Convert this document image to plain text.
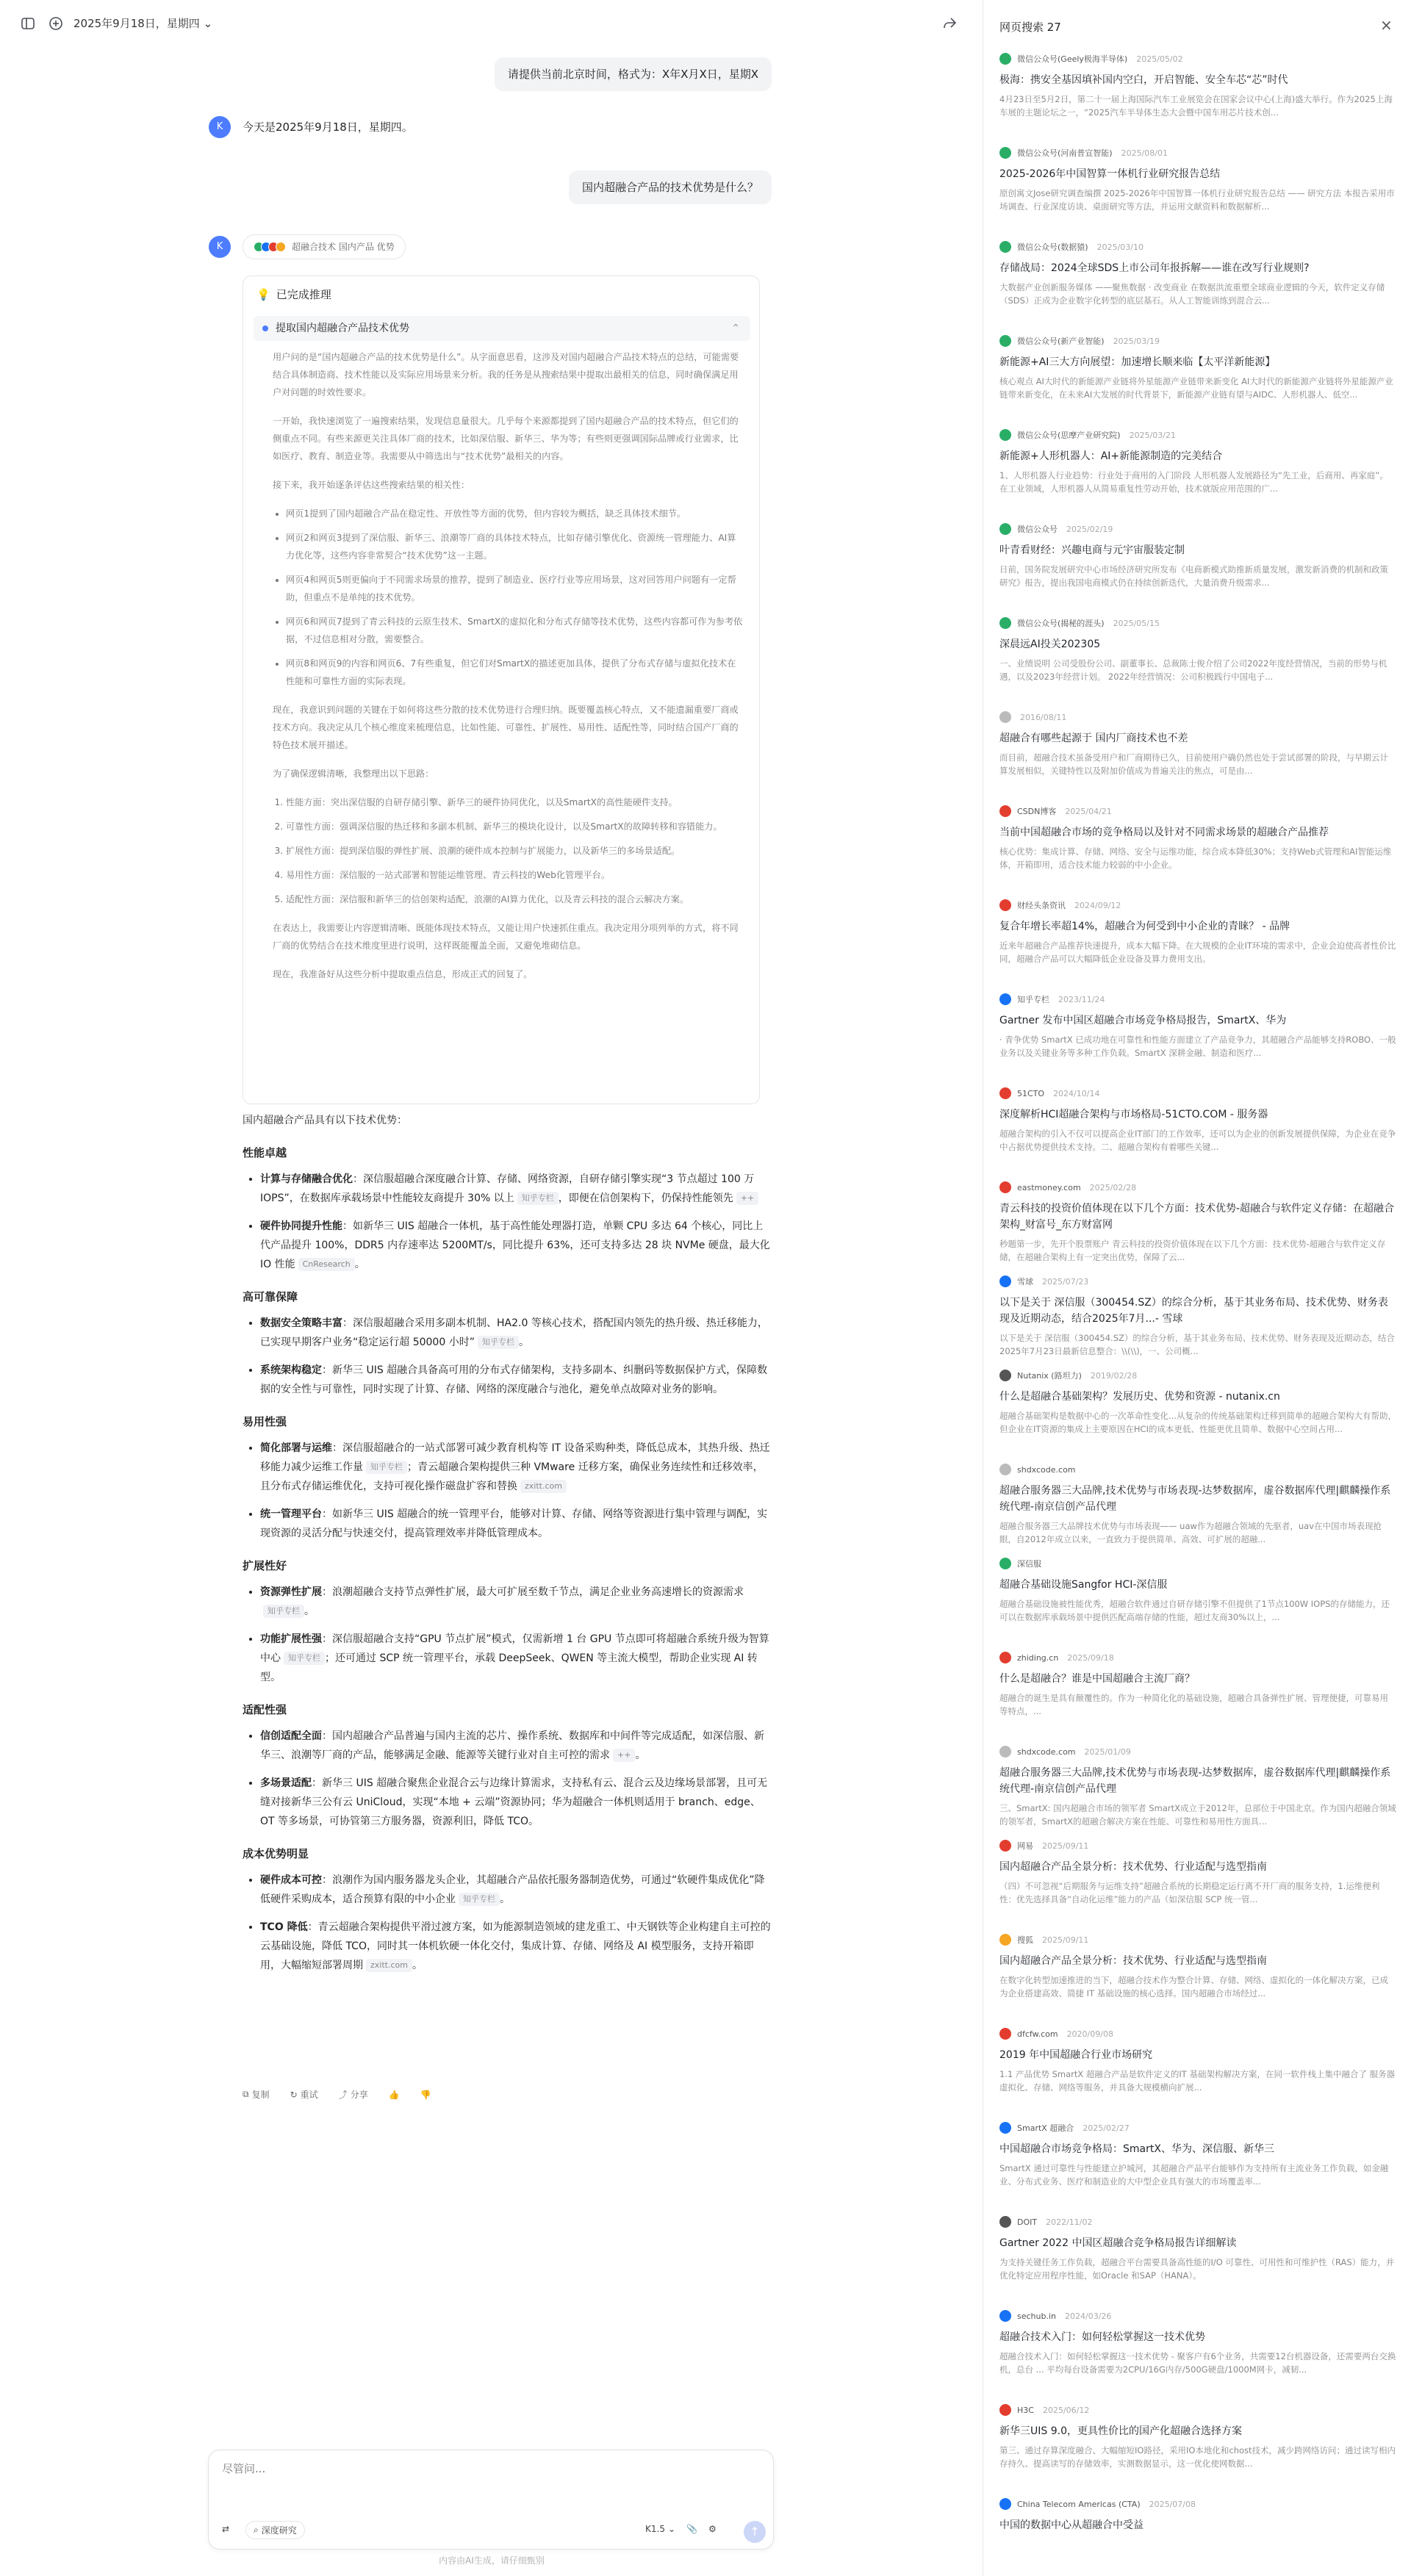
2025年9月18日，星期四 ⌄
请提供当前北京时间，格式为：X年X月X日，星期X
K	今天是2025年9月18日，星期四。
国内超融合产品的技术优势是什么？
K	超融合技术 国内产品 优势
💡 已完成推理
提取国内超融合产品技术优势	⌃

用户问的是“国内超融合产品的技术优势是什么”。从字面意思看，这涉及对国内超融合产品技术特点的总结，可能需要结合具体制造商、技术性能以及实际应用场景来分析。我的任务是从搜索结果中提取出最相关的信息，同时确保满足用户对问题的时效性要求。

一开始，我快速浏览了一遍搜索结果，发现信息量很大。几乎每个来源都提到了国内超融合产品的技术特点，但它们的侧重点不同。有些来源更关注具体厂商的技术，比如深信服、新华三、华为等；有些则更强调国际品牌或行业需求，比如医疗、教育、制造业等。我需要从中筛选出与“技术优势”最相关的内容。

接下来，我开始逐条评估这些搜索结果的相关性：

• 网页1提到了国内超融合产品在稳定性、开放性等方面的优势，但内容较为概括，缺乏具体技术细节。
• 网页2和网页3提到了深信服、新华三、浪潮等厂商的具体技术特点，比如存储引擎优化、资源统一管理能力、AI算力优化等，这些内容非常契合“技术优势”这一主题。
• 网页4和网页5则更偏向于不同需求场景的推荐，提到了制造业、医疗行业等应用场景，这对回答用户问题有一定帮助，但重点不是单纯的技术优势。
• 网页6和网页7提到了青云科技的云原生技术、SmartX的虚拟化和分布式存储等技术优势，这些内容都可作为参考依据，不过信息相对分散，需要整合。
• 网页8和网页9的内容和网页6、7有些重复，但它们对SmartX的描述更加具体，提供了分布式存储与虚拟化技术在性能和可靠性方面的实际表现。

现在，我意识到问题的关键在于如何将这些分散的技术优势进行合理归纳。既要覆盖核心特点，又不能遗漏重要厂商或技术方向。我决定从几个核心维度来梳理信息，比如性能、可靠性、扩展性、易用性、适配性等，同时结合国产厂商的特色技术展开描述。

为了确保逻辑清晰，我整理出以下思路：

1. 性能方面：突出深信服的自研存储引擎、新华三的硬件协同优化，以及SmartX的高性能硬件支持。
2. 可靠性方面：强调深信服的热迁移和多副本机制、新华三的模块化设计，以及SmartX的故障转移和容错能力。
3. 扩展性方面：提到深信服的弹性扩展、浪潮的硬件成本控制与扩展能力，以及新华三的多场景适配。
4. 易用性方面：深信服的一站式部署和智能运维管理、青云科技的Web化管理平台。
5. 适配性方面：深信服和新华三的信创架构适配，浪潮的AI算力优化，以及青云科技的混合云解决方案。

在表达上，我需要让内容逻辑清晰、既能体现技术特点，又能让用户快速抓住重点。我决定用分项列举的方式，将不同厂商的优势结合在技术维度里进行说明，这样既能覆盖全面，又避免堆砌信息。

现在，我准备好从这些分析中提取重点信息，形成正式的回复了。

国内超融合产品具有以下技术优势：
性能卓越
• 计算与存储融合优化：深信服超融合深度融合计算、存储、网络资源，自研存储引擎实现“3 节点超过 100 万 IOPS”，在数据库承载场景中性能较友商提升 30% 以上 知乎专栏 ，即便在信创架构下，仍保持性能领先 ++
• 硬件协同提升性能：如新华三 UIS 超融合一体机，基于高性能处理器打造，单颗 CPU 多达 64 个核心，同比上代产品提升 100%，DDR5 内存速率达 5200MT/s，同比提升 63%，还可支持多达 28 块 NVMe 硬盘，最大化 IO 性能 CnResearch 。
高可靠保障
• 数据安全策略丰富：深信服超融合采用多副本机制、HA2.0 等核心技术，搭配国内领先的热升级、热迁移能力，已实现早期客户业务“稳定运行超 50000 小时” 知乎专栏 。
• 系统架构稳定：新华三 UIS 超融合具备高可用的分布式存储架构，支持多副本、纠删码等数据保护方式，保障数据的安全性与可靠性，同时实现了计算、存储、网络的深度融合与池化，避免单点故障对业务的影响。
易用性强
• 简化部署与运维：深信服超融合的一站式部署可减少教育机构等 IT 设备采购种类，降低总成本，其热升级、热迁移能力减少运维工作量 知乎专栏 ；青云超融合架构提供三种 VMware 迁移方案，确保业务连续性和迁移效率，且分布式存储运维优化，支持可视化操作磁盘扩容和替换 zxitt.com
• 统一管理平台：如新华三 UIS 超融合的统一管理平台，能够对计算、存储、网络等资源进行集中管理与调配，实现资源的灵活分配与快速交付，提高管理效率并降低管理成本。
扩展性好
• 资源弹性扩展：浪潮超融合支持节点弹性扩展，最大可扩展至数千节点，满足企业业务高速增长的资源需求知乎专栏 。
• 功能扩展性强：深信服超融合支持“GPU 节点扩展”模式，仅需新增 1 台 GPU 节点即可将超融合系统升级为智算中心 知乎专栏 ；还可通过 SCP 统一管理平台，承载 DeepSeek、QWEN 等主流大模型，帮助企业实现 AI 转型。
适配性强
• 信创适配全面：国内超融合产品普遍与国内主流的芯片、操作系统、数据库和中间件等完成适配，如深信服、新华三、浪潮等厂商的产品，能够满足金融、能源等关键行业对自主可控的需求 ++ 。
• 多场景适配：新华三 UIS 超融合聚焦企业混合云与边缘计算需求，支持私有云、混合云及边缘场景部署，且可无缝对接新华三公有云 UniCloud，实现“本地 + 云端”资源协同；华为超融合一体机则适用于 branch、edge、OT 等多场景，可协管第三方服务器，资源利旧，降低 TCO。
成本优势明显
• 硬件成本可控：浪潮作为国内服务器龙头企业，其超融合产品依托服务器制造优势，可通过“软硬件集成优化”降低硬件采购成本，适合预算有限的中小企业 知乎专栏 。
• TCO 降低：青云超融合架构提供平滑过渡方案，如为能源制造领域的建龙重工、中天钢铁等企业构建自主可控的云基础设施，降低 TCO，同时其一体机软硬一体化交付，集成计算、存储、网络及 AI 模型服务，支持开箱即用，大幅缩短部署周期 zxitt.com 。
⧉ 复制 ↻ 重试 ⤴ 分享 👍 👎
尽管问...
⇄	⌕ 深度研究	K1.5 ⌄ 📎 ⚙	↑
内容由AI生成，请仔细甄别
网页搜索 27	×
微信公众号(Geely极海半导体) 2025/05/02
极海：携安全基因填补国内空白，开启智能、安全车芯“芯”时代
4月23日至5月2日，第二十一届上海国际汽车工业展览会在国家会议中心(上海)盛大举行。作为2025上海车展的主题论坛之一，“2025汽车半导体生态大会暨中国车用芯片技术创...
微信公众号(河南普宣智能) 2025/08/01
2025-2026年中国智算一体机行业研究报告总结
原创寓文Jose研究调查编撰 2025-2026年中国智算一体机行业研究报告总结 —— 研究方法 本报告采用市场调查、行业深度访谈、桌面研究等方法，并运用文献资料和数据解析...
微信公众号(数据猿) 2025/03/10
存储战局：2024全球SDS上市公司年报拆解——谁在改写行业规则?
大数据产业创新服务媒体 ——聚焦数据 · 改变商业 在数据洪流重塑全球商业逻辑的今天，软件定义存储（SDS）正成为企业数字化转型的底层基石。从人工智能训练到混合云...
微信公众号(新产业智能) 2025/03/19
新能源+AI三大方向展望：加速增长顺来临【太平洋新能源】
核心观点 AI大时代的新能源产业链将外星能源产业链带来新变化 AI大时代的新能源产业链将外星能源产业链带来新变化，在未来AI大发展的时代背景下，新能源产业链有望与AIDC、人形机器人、低空...
微信公众号(思摩产业研究院) 2025/03/21
新能源+人形机器人：AI+新能源制造的完美结合
1、人形机器人行业趋势：行业处于商用的入门阶段 人形机器人发展路径为“先工业，后商用、再家庭”。在工业领域，人形机器人从简易重复性劳动开始，技术就版应用范围的广...
微信公众号 2025/02/19
叶青看财经：兴趣电商与元宇宙服装定制
日前，国务院发展研究中心市场经济研究所发布《电商新模式助推新质量发展，激发新消费的机制和政策研究》报告，提出我国电商模式仍在持续创新迭代，大量消费升级需求...
微信公众号(揭秘的涯头) 2025/05/15
深晨远AI投关202305
一、业绩说明 公司受股份公司、副董事长、总裁陈士俊介绍了公司2022年度经营情况，当前的形势与机遇，以及2023年经营计划。 2022年经营情况：公司积极践行中国电子...
2016/08/11
超融合有哪些起源于 国内厂商技术也不差
而目前，超融合技术虽备受用户和厂商期待已久，目前使用户确仍然也处于尝试部署的阶段，与早期云计算发展相似，关键特性以及附加价值成为普遍关注的焦点，可是由...
CSDN博客 2025/04/21
当前中国超融合市场的竞争格局以及针对不同需求场景的超融合产品推荐
核心优势：集成计算、存储、网络、安全与运维功能，综合成本降低30%；支持Web式管理和AI智能运维体，开箱即用，适合技术能力较弱的中小企业。
财经头条资讯 2024/09/12
复合年增长率超14%，超融合为何受到中小企业的青睐？ - 品牌
近来年超融合产品推荐快速提升，成本大幅下降。在大规模的企业IT环境的需求中，企业会迫使高者性价比同，超融合产品可以大幅降低企业设备及算力费用支出。
知乎专栏 2023/11/24
Gartner 发布中国区超融合市场竞争格局报告，SmartX、华为
· 青争优势 SmartX 已成功地在可靠性和性能方面建立了产品竞争力，其超融合产品能够支持ROBO、一般业务以及关键业务等多种工作负载。SmartX 深耕金融、制造和医疗...
51CTO 2024/10/14
深度解析HCI超融合架构与市场格局-51CTO.COM - 服务器
超融合架构的引入不仅可以提高企业IT部门的工作效率，还可以为企业的创新发展提供保障，为企业在竞争中占据优势提供技术支持。二、超融合架构有着哪些关键...
eastmoney.com 2025/02/28
青云科技的投资价值体现在以下几个方面：技术优势-超融合与软件定义存储：在超融合架构_财富号_东方财富网
秒题第一步，先开个股票账户 青云科技的投资价值体现在以下几个方面：技术优势-超融合与软件定义存储，在超融合架构上有一定突出优势，保障了云...
雪球 2025/07/23
以下是关于 深信服（300454.SZ）的综合分析，基于其业务布局、技术优势、财务表现及近期动态，结合2025年7月...- 雪球
以下是关于 深信服（300454.SZ）的综合分析，基于其业务布局、技术优势、财务表现及近期动态，结合2025年7月23日最新信息整合：\\(\\)，一、公司概...
Nutanix (路坦力) 2019/02/28
什么是超融合基础架构？发展历史、优势和资源 - nutanix.cn
超融合基础架构是数据中心的一次革命性变化...从复杂的传统基础架构迁移到简单的超融合架构大有帮助，但企业在IT资源的集成上主要原因在HCI的成本更低、性能更优且简单、数据中心空间占用...
shdxcode.com
超融合服务器三大品牌,技术优势与市场表现-达梦数据库，虚谷数据库代理|麒麟操作系统代理-南京信创产品代理
超融合服务器三大品牌技术优势与市场表现—— uaw作为超融合领域的先驱者，uav在中国市场表现抢眼，自2012年成立以来，一直致力于提供简单、高效、可扩展的超融...
深信服
超融合基础设施Sangfor HCI-深信服
超融合基础设施被性能优秀，超融合软件通过自研存储引擎不但提供了1节点100W IOPS的存储能力，还可以在数据库承载场景中提供匹配高端存储的性能，超过友商30%以上，...
zhiding.cn 2025/09/18
什么是超融合？谁是中国超融合主流厂商？
超融合的诞生是具有颠覆性的。作为一种简化化的基础设施，超融合具备弹性扩展、管理便捷，可靠易用等特点，...
shdxcode.com 2025/01/09
超融合服务器三大品牌,技术优势与市场表现-达梦数据库，虚谷数据库代理|麒麟操作系统代理-南京信创产品代理
三、SmartX: 国内超融合市场的领军者 SmartX成立于2012年，总部位于中国北京。作为国内超融合领域的领军者，SmartX的超融合解决方案在性能、可靠性和易用性方面具...
网易 2025/09/11
国内超融合产品全景分析：技术优势、行业适配与选型指南
（四）不可忽视“后期服务与运维支持”超融合系统的长期稳定运行离不开厂商的服务支持，1.运维便利性：优先选择具备“自动化运维”能力的产品（如深信服 SCP 统一管...
搜狐 2025/09/11
国内超融合产品全景分析：技术优势、行业适配与选型指南
在数字化转型加速推进的当下，超融合技术作为整合计算、存储、网络、虚拟化的一体化解决方案，已成为企业搭建高效、简捷 IT 基础设施的核心选择。国内超融合市场经过...
dfcfw.com 2020/09/08
2019 年中国超融合行业市场研究
1.1 产品优势 SmartX 超融合产品是软件定义的IT 基础架构解决方案，在同一软件栈上集中融合了 服务器虚拟化、存储、网络等服务，并具备大规模横向扩展...
SmartX 超融合 2025/02/27
中国超融合市场竞争格局：SmartX、华为、深信服、新华三
SmartX 通过可靠性与性能建立护城河，其超融合产品平台能够作为支持所有主流业务工作负载，如金融业、分布式业务、医疗和制造业的大中型企业具有强大的市场覆盖率...
DOIT 2022/11/02
Gartner 2022 中国区超融合竞争格局报告详细解读
为支持关键任务工作负载，超融合平台需要具备高性能的I/O 可靠性、可用性和可维护性（RAS）能力，并优化特定应用程序性能，如Oracle 和SAP（HANA）。
sechub.in 2024/03/26
超融合技术入门：如何轻松掌握这一技术优势
超融合技术入门：如何轻松掌握这一技术优势 - 聚客户有6个业务，共需要12台机器设备，还需要两台交换机，总台 ... 平均每台设备需要为2CPU/16G内存/500G硬盘/1000M网卡，减韧...
H3C 2025/06/12
新华三UIS 9.0，更具性价比的国产化超融合选择方案
第三、通过存算深度融合、大幅缩短IO路径，采用IO本地化和chost技术，减少跨网络访问；通过读写相内存持久、提高读写的存储效率，实测数据显示，这一优化使网数据...
China Telecom Americas (CTA) 2025/07/08
中国的数据中心从超融合中受益
